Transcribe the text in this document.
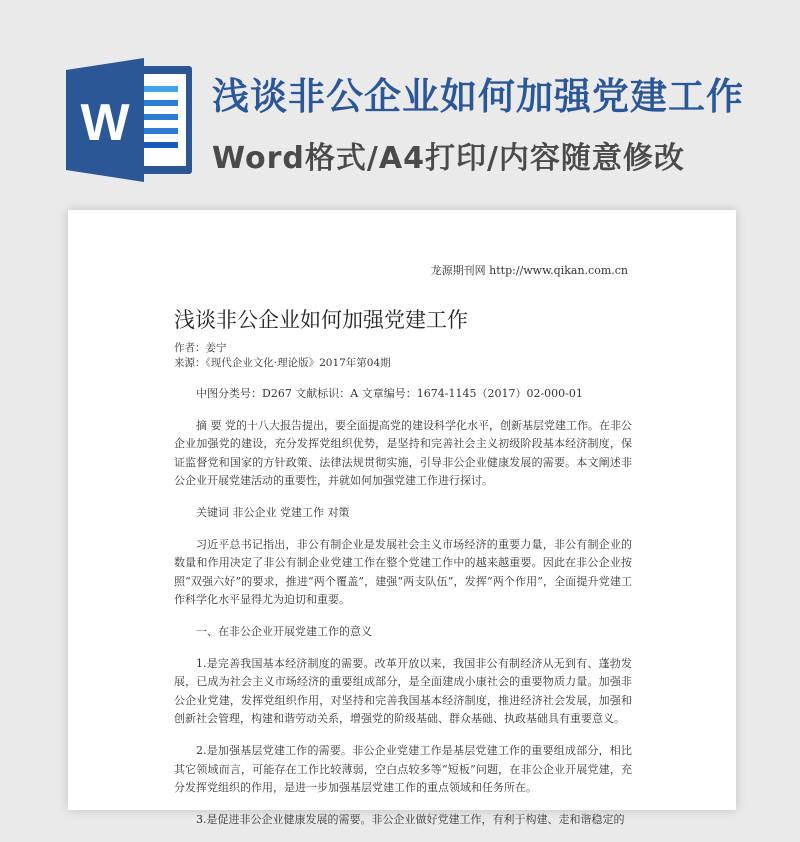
W 浅谈非公企业如何加强党建工作
Word格式/A4打印/内容随意修改
龙源期刊网 http://www.qikan.com.cn
浅谈非公企业如何加强党建工作
作者：姜宁
来源：《现代企业文化·理论版》2017年第04期

中图分类号：D267 文献标识：A 文章编号：1674-1145（2017）02-000-01

摘 要 党的十八大报告提出，要全面提高党的建设科学化水平，创新基层党建工作。在非公企业加强党的建设，充分发挥党组织优势，是坚持和完善社会主义初级阶段基本经济制度，保证监督党和国家的方针政策、法律法规贯彻实施，引导非公企业健康发展的需要。本文阐述非公企业开展党建活动的重要性，并就如何加强党建工作进行探讨。

关键词 非公企业 党建工作 对策

习近平总书记指出，非公有制企业是发展社会主义市场经济的重要力量，非公有制企业的数量和作用决定了非公有制企业党建工作在整个党建工作中的越来越重要。因此在非公企业按照“双强六好”的要求，推进“两个覆盖”，建强“两支队伍”，发挥“两个作用”，全面提升党建工作科学化水平显得尤为迫切和重要。

一、在非公企业开展党建工作的意义

1.是完善我国基本经济制度的需要。改革开放以来，我国非公有制经济从无到有、蓬勃发展，已成为社会主义市场经济的重要组成部分，是全面建成小康社会的重要物质力量。加强非公企业党建，发挥党组织作用，对坚持和完善我国基本经济制度，推进经济社会发展，加强和创新社会管理，构建和谐劳动关系，增强党的阶级基础、群众基础、执政基础具有重要意义。

2.是加强基层党建工作的需要。非公企业党建工作是基层党建工作的重要组成部分，相比其它领域而言，可能存在工作比较薄弱，空白点较多等“短板”问题，在非公企业开展党建，充分发挥党组织的作用，是进一步加强基层党建工作的重点领域和任务所在。

3.是促进非公企业健康发展的需要。非公企业做好党建工作，有利于构建、走和谐稳定的
